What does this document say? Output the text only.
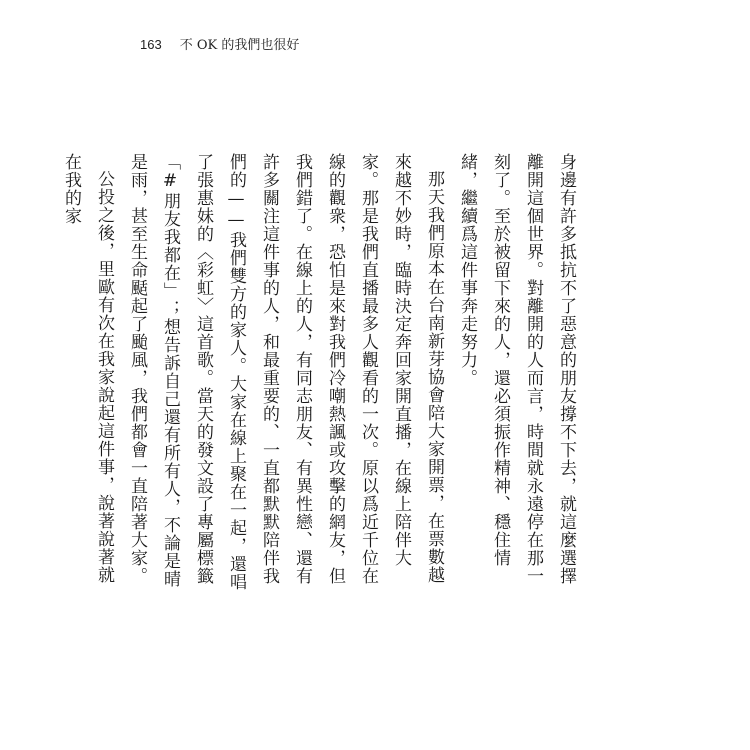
163 不 OK 的我們也很好

身邊有許多抵抗不了惡意的朋友撐不下去，就這麼選擇離開這個世界。對離開的人而言，時間就永遠停在那一刻了。至於被留下來的人，還必須振作精神、穩住情緒，繼續爲這件事奔走努力。

那天我們原本在台南新芽協會陪大家開票，在票數越來越不妙時，臨時決定奔回家開直播，在線上陪伴大家。那是我們直播最多人觀看的一次。原以爲近千位在線的觀衆，恐怕是來對我們冷嘲熱諷或攻擊的網友，但我們錯了。在線上的人，有同志朋友、有異性戀、還有許多關注這件事的人，和最重要的、一直都默默陪伴我們的——我們雙方的家人。大家在線上聚在一起，還唱了張惠妹的〈彩虹〉這首歌。當天的發文設了專屬標籤「#朋友我都在」；想告訴自己還有所有人，不論是晴是雨，甚至生命颳起了颱風，我們都會一直陪著大家。

公投之後，里歐有次在我家說起這件事，說著說著就在我的家
